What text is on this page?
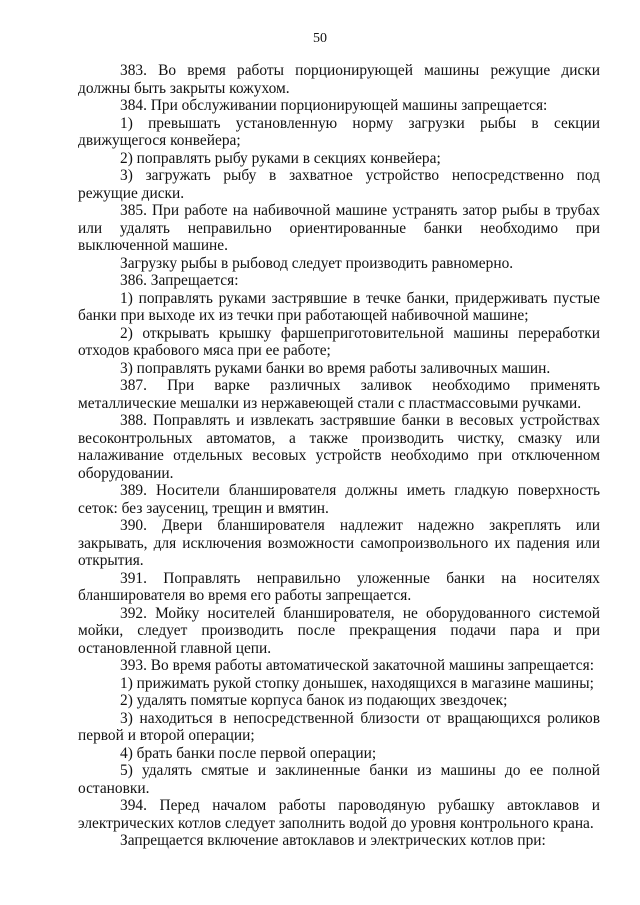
50

383. Во время работы порционирующей машины режущие диски должны быть закрыты кожухом.

384. При обслуживании порционирующей машины запрещается:

1) превышать установленную норму загрузки рыбы в секции движущегося конвейера;

2) поправлять рыбу руками в секциях конвейера;

3) загружать рыбу в захватное устройство непосредственно под режущие диски.

385. При работе на набивочной машине устранять затор рыбы в трубах или удалять неправильно ориентированные банки необходимо при выключенной машине.

Загрузку рыбы в рыбовод следует производить равномерно.

386. Запрещается:

1) поправлять руками застрявшие в течке банки, придерживать пустые банки при выходе их из течки при работающей набивочной машине;

2) открывать крышку фаршеприготовительной машины переработки отходов крабового мяса при ее работе;

3) поправлять руками банки во время работы заливочных машин.

387. При варке различных заливок необходимо применять металлические мешалки из нержавеющей стали с пластмассовыми ручками.

388. Поправлять и извлекать застрявшие банки в весовых устройствах весоконтрольных автоматов, а также производить чистку, смазку или налаживание отдельных весовых устройств необходимо при отключенном оборудовании.

389. Носители бланширователя должны иметь гладкую поверхность сеток: без заусениц, трещин и вмятин.

390. Двери бланширователя надлежит надежно закреплять или закрывать, для исключения возможности самопроизвольного их падения или открытия.

391. Поправлять неправильно уложенные банки на носителях бланширователя во время его работы запрещается.

392. Мойку носителей бланширователя, не оборудованного системой мойки, следует производить после прекращения подачи пара и при остановленной главной цепи.

393. Во время работы автоматической закаточной машины запрещается:

1) прижимать рукой стопку донышек, находящихся в магазине машины;

2) удалять помятые корпуса банок из подающих звездочек;

3) находиться в непосредственной близости от вращающихся роликов первой и второй операции;

4) брать банки после первой операции;

5) удалять смятые и заклиненные банки из машины до ее полной остановки.

394. Перед началом работы пароводяную рубашку автоклавов и электрических котлов следует заполнить водой до уровня контрольного крана.

Запрещается включение автоклавов и электрических котлов при:
